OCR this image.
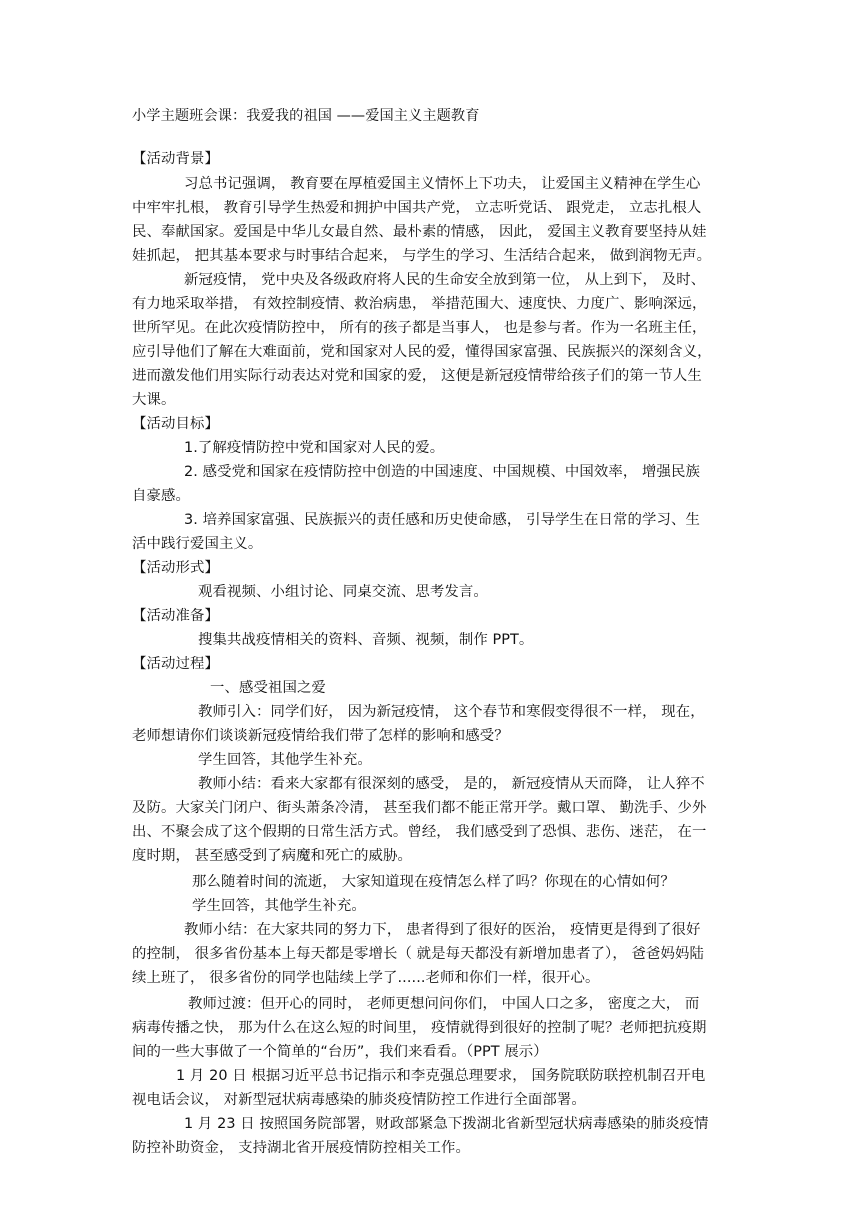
小学主题班会课：我爱我的祖国 ——爱国主义主题教育
【活动背景】
习总书记强调， 教育要在厚植爱国主义情怀上下功夫， 让爱国主义精神在学生心
中牢牢扎根， 教育引导学生热爱和拥护中国共产党， 立志听党话、 跟党走， 立志扎根人
民、奉献国家。爱国是中华儿女最自然、最朴素的情感， 因此， 爱国主义教育要坚持从娃
娃抓起， 把其基本要求与时事结合起来， 与学生的学习、生活结合起来， 做到润物无声。
新冠疫情， 党中央及各级政府将人民的生命安全放到第一位， 从上到下， 及时、
有力地采取举措， 有效控制疫情、救治病患， 举措范围大、速度快、力度广、影响深远，
世所罕见。在此次疫情防控中， 所有的孩子都是当事人， 也是参与者。作为一名班主任，
应引导他们了解在大难面前，党和国家对人民的爱，懂得国家富强、民族振兴的深刻含义，
进而激发他们用实际行动表达对党和国家的爱， 这便是新冠疫情带给孩子们的第一节人生
大课。
【活动目标】
1.了解疫情防控中党和国家对人民的爱。
2. 感受党和国家在疫情防控中创造的中国速度、中国规模、中国效率， 增强民族
自豪感。
3. 培养国家富强、民族振兴的责任感和历史使命感， 引导学生在日常的学习、生
活中践行爱国主义。
【活动形式】
观看视频、小组讨论、同桌交流、思考发言。
【活动准备】
搜集共战疫情相关的资料、音频、视频，制作 PPT。
【活动过程】
一、感受祖国之爱
教师引入：同学们好， 因为新冠疫情， 这个春节和寒假变得很不一样， 现在，
老师想请你们谈谈新冠疫情给我们带了怎样的影响和感受？
学生回答，其他学生补充。
教师小结：看来大家都有很深刻的感受， 是的， 新冠疫情从天而降， 让人猝不
及防。大家关门闭户、街头萧条冷清， 甚至我们都不能正常开学。戴口罩、 勤洗手、少外
出、不聚会成了这个假期的日常生活方式。曾经， 我们感受到了恐惧、悲伤、迷茫， 在一
度时期， 甚至感受到了病魔和死亡的威胁。
那么随着时间的流逝， 大家知道现在疫情怎么样了吗？你现在的心情如何？
学生回答，其他学生补充。
教师小结：在大家共同的努力下， 患者得到了很好的医治， 疫情更是得到了很好
的控制， 很多省份基本上每天都是零增长（ 就是每天都没有新增加患者了）， 爸爸妈妈陆
续上班了， 很多省份的同学也陆续上学了......老师和你们一样，很开心。
教师过渡：但开心的同时， 老师更想问问你们， 中国人口之多， 密度之大， 而
病毒传播之快， 那为什么在这么短的时间里， 疫情就得到很好的控制了呢？老师把抗疫期
间的一些大事做了一个简单的“台历”，我们来看看。（PPT 展示）
1 月 20 日 根据习近平总书记指示和李克强总理要求， 国务院联防联控机制召开电
视电话会议， 对新型冠状病毒感染的肺炎疫情防控工作进行全面部署。
1 月 23 日 按照国务院部署，财政部紧急下拨湖北省新型冠状病毒感染的肺炎疫情
防控补助资金， 支持湖北省开展疫情防控相关工作。
